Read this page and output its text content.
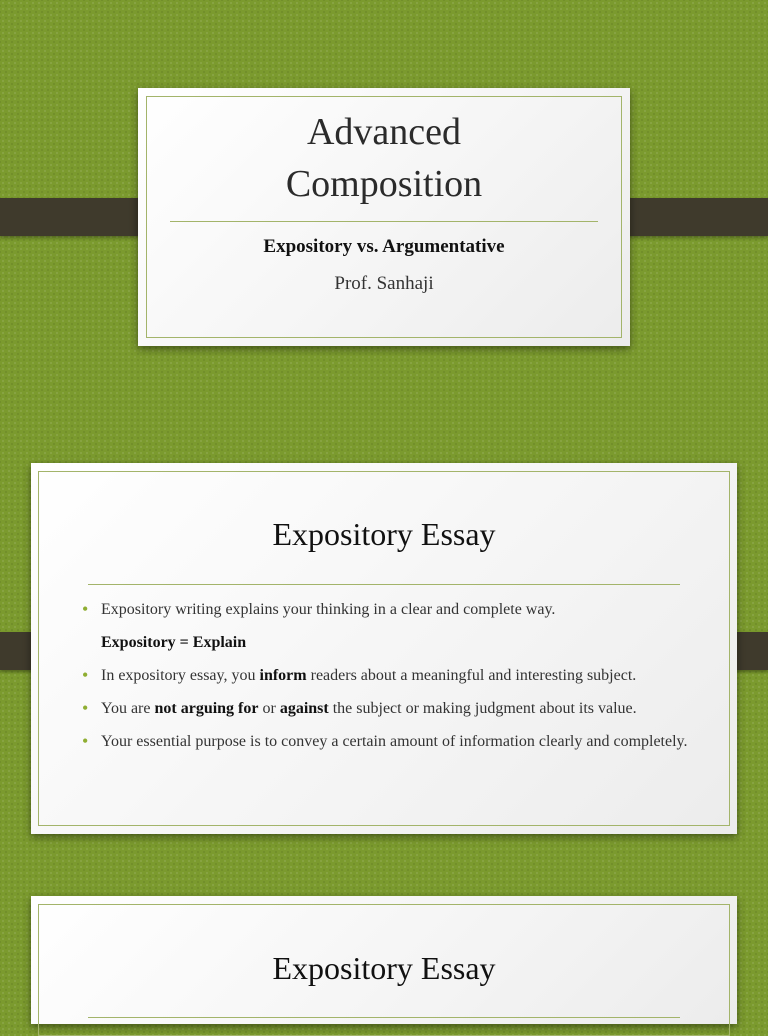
Advanced
Composition
Expository vs. Argumentative
Prof. Sanhaji
Expository Essay
• Expository writing explains your thinking in a clear and complete way.
Expository = Explain
• In expository essay, you inform readers about a meaningful and interesting subject.
• You are not arguing for or against the subject or making judgment about its value.
• Your essential purpose is to convey a certain amount of information clearly and completely.
Expository Essay
